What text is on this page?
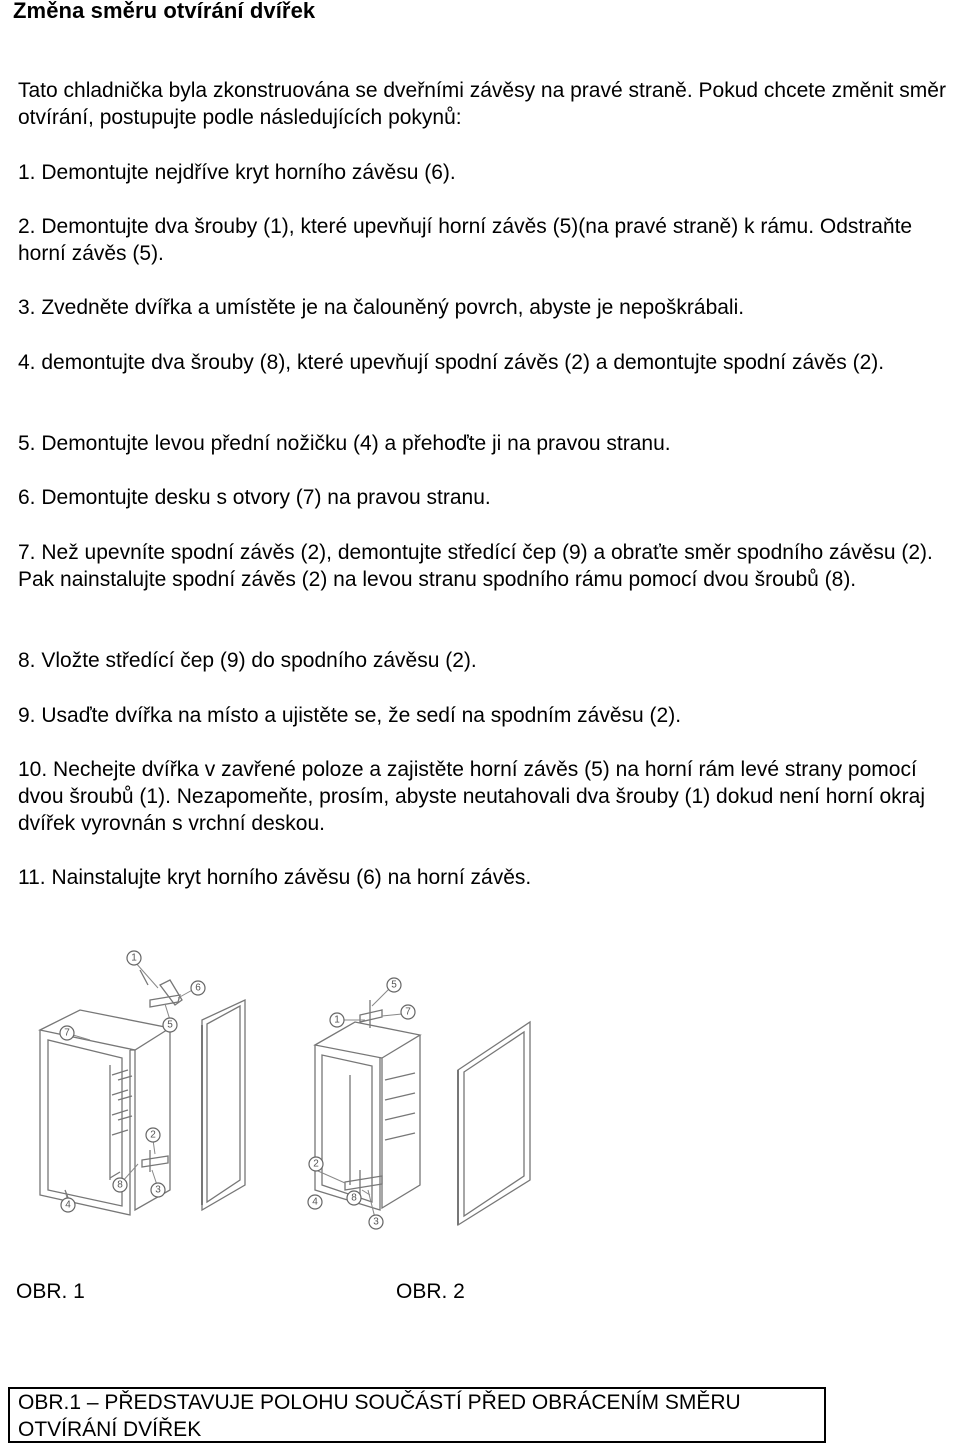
Změna směru otvírání dvířek
Tato chladnička byla zkonstruována se dveřními závěsy na pravé straně. Pokud chcete změnit směr otvírání, postupujte podle následujících pokynů:
1. Demontujte nejdříve kryt horního závěsu (6).
2. Demontujte dva šrouby (1), které upevňují horní závěs (5)(na pravé straně) k rámu. Odstraňte horní závěs (5).
3. Zvedněte dvířka a umístěte je na čalouněný povrch, abyste je nepoškrábali.
4. demontujte dva šrouby (8), které upevňují spodní závěs (2) a demontujte spodní závěs (2).
5. Demontujte levou přední nožičku (4) a přehoďte ji na pravou stranu.
6. Demontujte desku s otvory (7) na pravou stranu.
7. Než upevníte spodní závěs (2), demontujte středící čep (9) a obraťte směr spodního závěsu (2). Pak nainstalujte spodní závěs (2) na levou stranu spodního rámu pomocí dvou šroubů (8).
8. Vložte středící čep (9) do spodního závěsu (2).
9. Usaďte dvířka na místo a ujistěte se, že sedí na spodním závěsu (2).
10. Nechejte dvířka v zavřené poloze a zajistěte horní závěs (5) na horní rám levé strany pomocí dvou šroubů (1). Nezapomeňte, prosím, abyste neutahovali dva šrouby (1) dokud není horní okraj dvířek vyrovnán s vrchní deskou.
11. Nainstalujte kryt horního závěsu (6) na horní závěs.
1
6
5
7
2
8	3
4
1
5
7
2
4
3
8
OBR. 1	OBR. 2
OBR.1 – PŘEDSTAVUJE POLOHU SOUČÁSTÍ PŘED OBRÁCENÍM SMĚRU OTVÍRÁNÍ DVÍŘEK
